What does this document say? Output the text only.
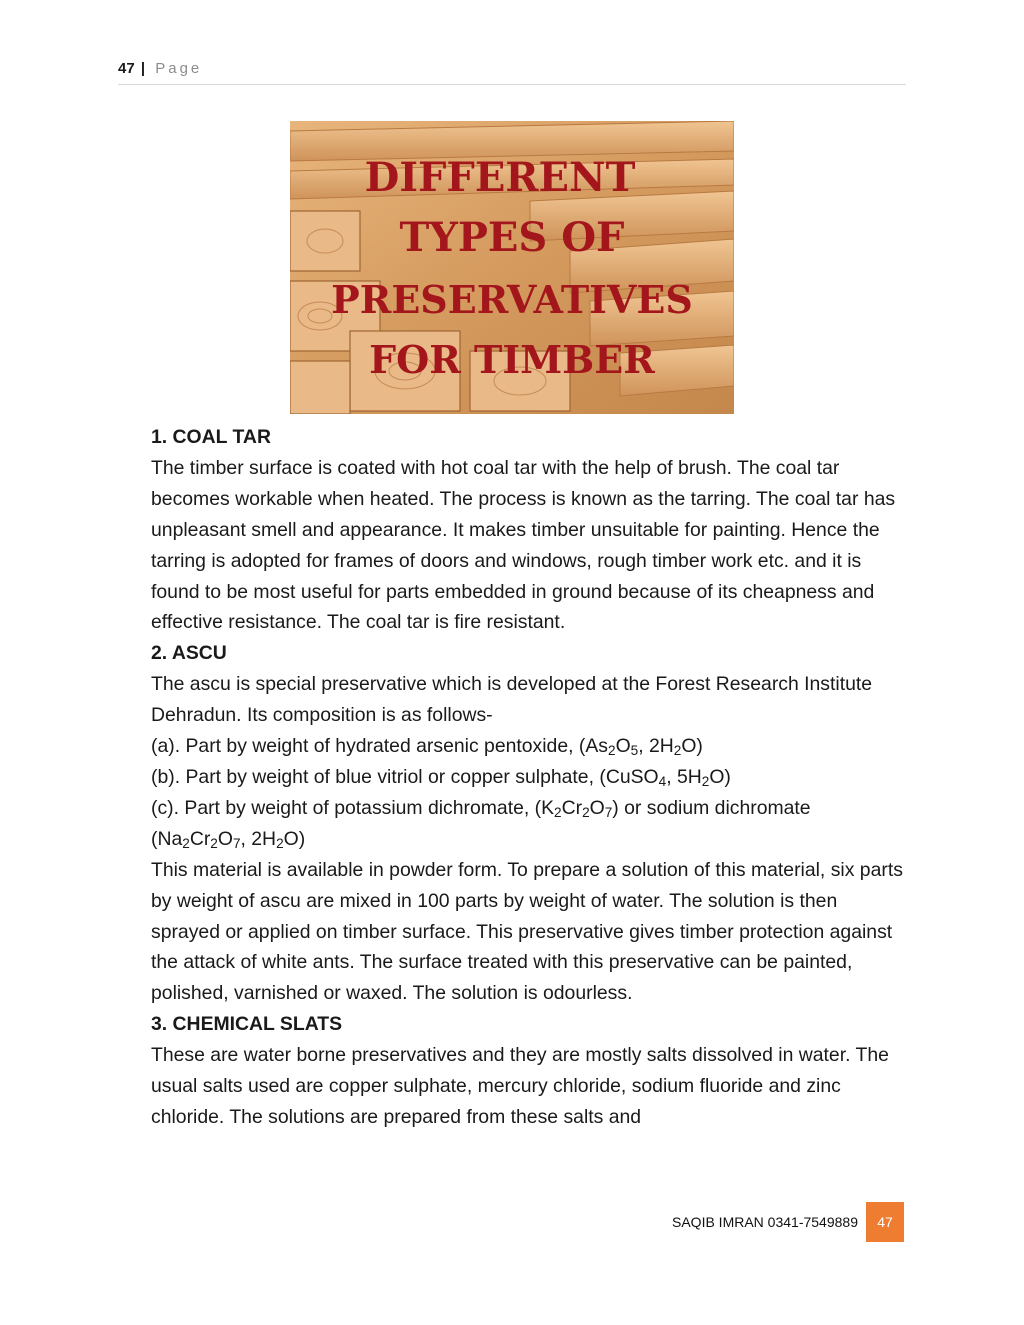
47 | Page
DIFFERENT
TYPES OF
PRESERVATIVES
FOR TIMBER
1. COAL TAR

The timber surface is coated with hot coal tar with the help of brush. The coal tar becomes workable when heated. The process is known as the tarring. The coal tar has unpleasant smell and appearance. It makes timber unsuitable for painting. Hence the tarring is adopted for frames of doors and windows, rough timber work etc. and it is found to be most useful for parts embedded in ground because of its cheapness and effective resistance. The coal tar is fire resistant.

2. ASCU

The ascu is special preservative which is developed at the Forest Research Institute Dehradun. Its composition is as follows-

(a). Part by weight of hydrated arsenic pentoxide, ($As_2O_5$, $2H_2O$)

(b). Part by weight of blue vitriol or copper sulphate, (CuSO$_4$, $5H_2O$)

(c). Part by weight of potassium dichromate, $(K_2Cr_2O_7)$ or sodium dichromate
($Na_2Cr_2O_7$, $2H_2O$)

This material is available in powder form. To prepare a solution of this material, six parts by weight of ascu are mixed in 100 parts by weight of water. The solution is then sprayed or applied on timber surface. This preservative gives timber protection against the attack of white ants. The surface treated with this preservative can be painted, polished, varnished or waxed. The solution is odourless.

3. CHEMICAL SLATS

These are water borne preservatives and they are mostly salts dissolved in water. The usual salts used are copper sulphate, mercury chloride, sodium fluoride and zinc chloride. The solutions are prepared from these salts and

SAQIB IMRAN 0341-7549889	47
